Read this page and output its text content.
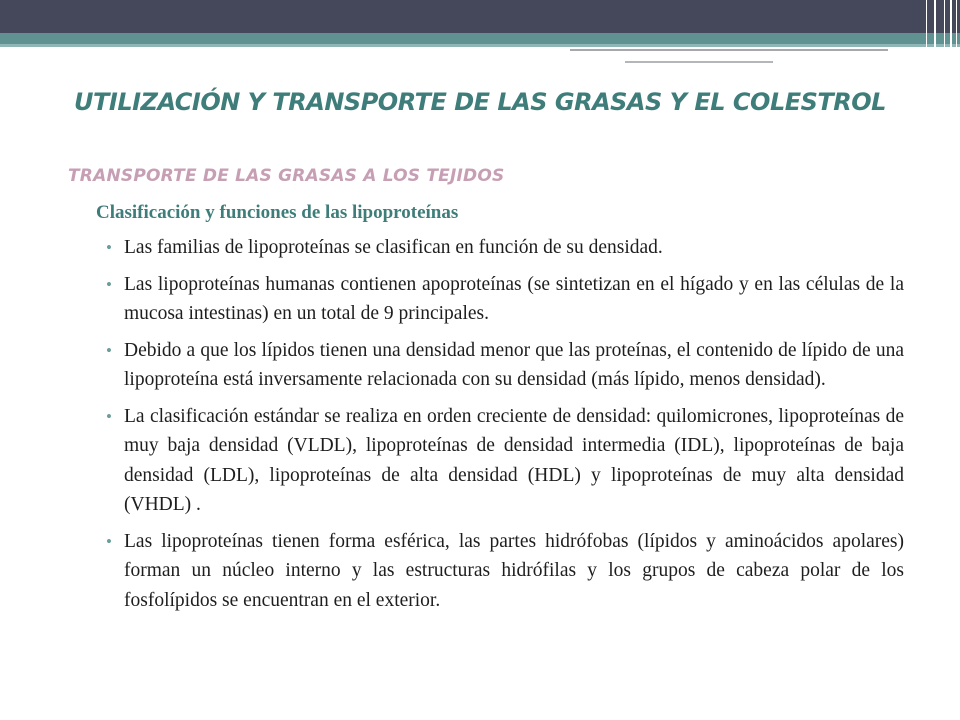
UTILIZACIÓN Y TRANSPORTE DE LAS GRASAS Y EL COLESTROL
TRANSPORTE DE LAS GRASAS A LOS TEJIDOS
Clasificación y funciones de las lipoproteínas
• Las familias de lipoproteínas se clasifican en función de su densidad.
• Las lipoproteínas humanas contienen apoproteínas (se sintetizan en el hígado y en las células de la mucosa intestinas) en un total de 9 principales.
• Debido a que los lípidos tienen una densidad menor que las proteínas, el contenido de lípido de una lipoproteína está inversamente relacionada con su densidad (más lípido, menos densidad).
• La clasificación estándar se realiza en orden creciente de densidad: quilomicrones, lipoproteínas de muy baja densidad (VLDL), lipoproteínas de densidad intermedia (IDL), lipoproteínas de baja densidad (LDL), lipoproteínas de alta densidad (HDL) y lipoproteínas de muy alta densidad (VHDL) .
• Las lipoproteínas tienen forma esférica, las partes hidrófobas (lípidos y aminoácidos apolares) forman un núcleo interno y las estructuras hidrófilas y los grupos de cabeza polar de los fosfolípidos se encuentran en el exterior.
